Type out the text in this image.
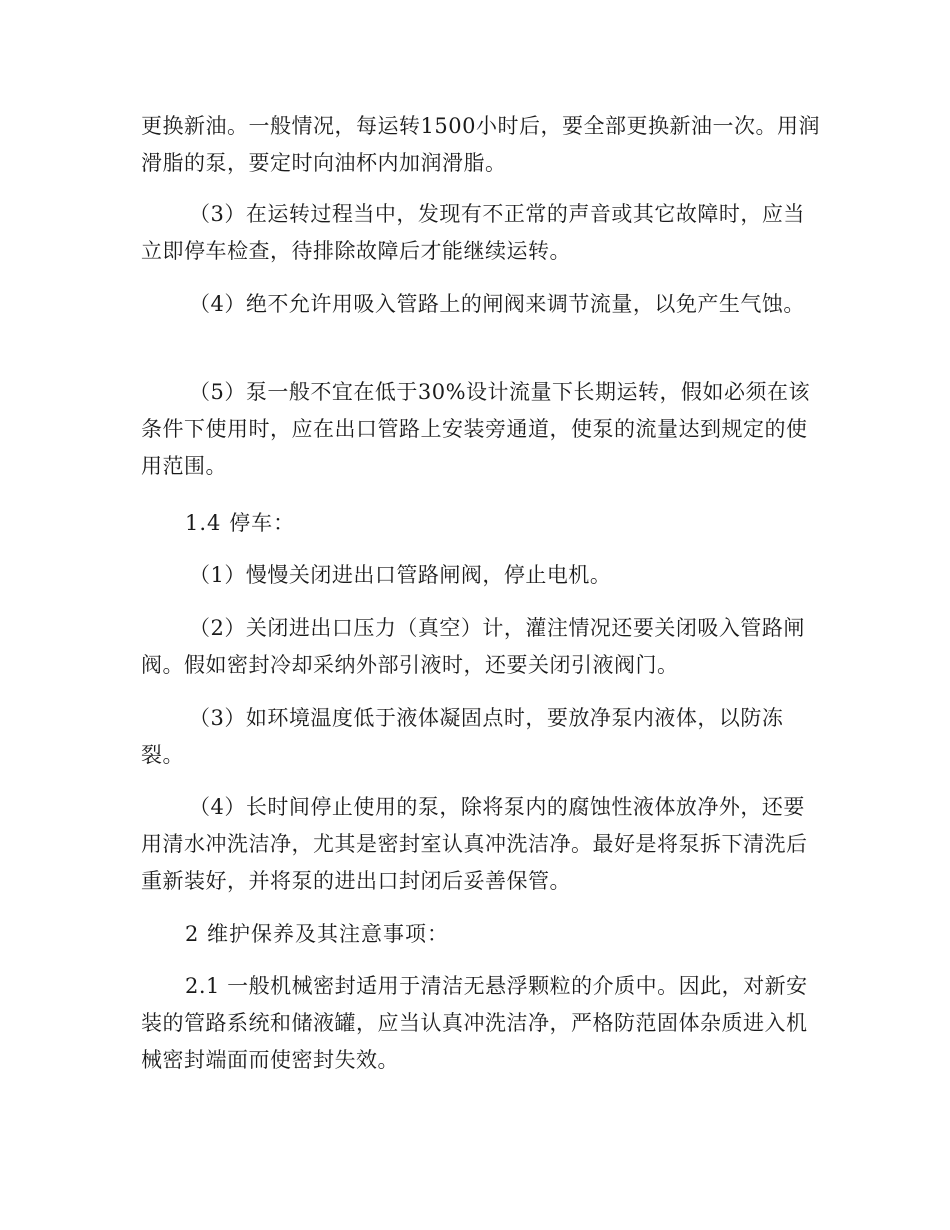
更换新油。一般情况，每运转1500小时后，要全部更换新油一次。用润滑脂的泵，要定时向油杯内加润滑脂。

（3）在运转过程当中，发现有不正常的声音或其它故障时，应当立即停车检查，待排除故障后才能继续运转。

（4）绝不允许用吸入管路上的闸阀来调节流量，以免产生气蚀。

（5）泵一般不宜在低于30%设计流量下长期运转，假如必须在该条件下使用时，应在出口管路上安装旁通道，使泵的流量达到规定的使用范围。

1.4 停车：

（1）慢慢关闭进出口管路闸阀，停止电机。

（2）关闭进出口压力（真空）计，灌注情况还要关闭吸入管路闸阀。假如密封冷却采纳外部引液时，还要关闭引液阀门。

（3）如环境温度低于液体凝固点时，要放净泵内液体，以防冻裂。

（4）长时间停止使用的泵，除将泵内的腐蚀性液体放净外，还要用清水冲洗洁净，尤其是密封室认真冲洗洁净。最好是将泵拆下清洗后重新装好，并将泵的进出口封闭后妥善保管。

2 维护保养及其注意事项：

2.1 一般机械密封适用于清洁无悬浮颗粒的介质中。因此，对新安装的管路系统和储液罐，应当认真冲洗洁净，严格防范固体杂质进入机械密封端面而使密封失效。
